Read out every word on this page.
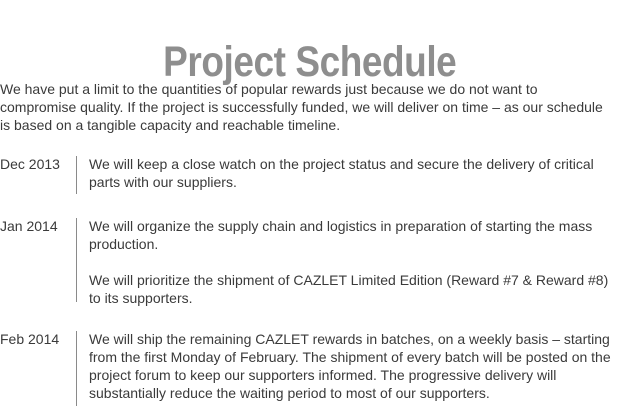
Project Schedule

We have put a limit to the quantities of popular rewards just because we do not want to compromise quality. If the project is successfully funded, we will deliver on time – as our schedule is based on a tangible capacity and reachable timeline.

Dec 2013 We will keep a close watch on the project status and secure the delivery of critical parts with our suppliers.

Jan 2014 We will organize the supply chain and logistics in preparation of starting the mass production.

We will prioritize the shipment of CAZLET Limited Edition (Reward #7 & Reward #8) to its supporters.

Feb 2014 We will ship the remaining CAZLET rewards in batches, on a weekly basis – starting from the first Monday of February. The shipment of every batch will be posted on the project forum to keep our supporters informed. The progressive delivery will substantially reduce the waiting period to most of our supporters.
